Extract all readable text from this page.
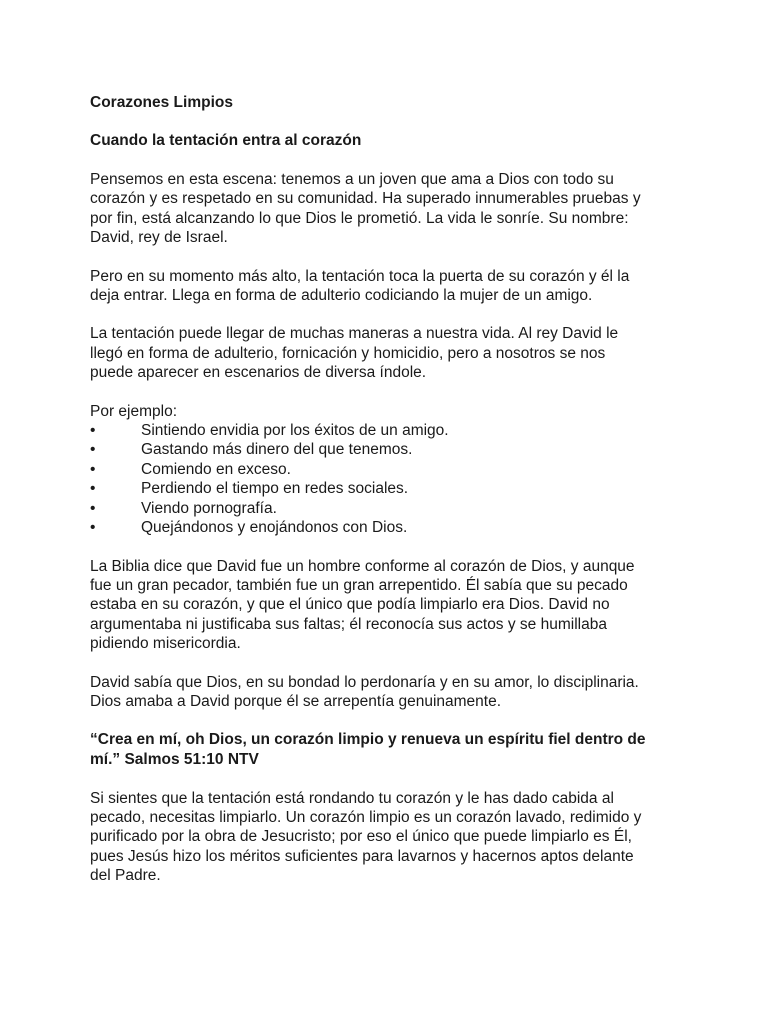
Corazones Limpios
Cuando la tentación entra al corazón

Pensemos en esta escena: tenemos a un joven que ama a Dios con todo su
corazón y es respetado en su comunidad. Ha superado innumerables pruebas y
por fin, está alcanzando lo que Dios le prometió. La vida le sonríe. Su nombre:
David, rey de Israel.

Pero en su momento más alto, la tentación toca la puerta de su corazón y él la
deja entrar. Llega en forma de adulterio codiciando la mujer de un amigo.

La tentación puede llegar de muchas maneras a nuestra vida. Al rey David le
llegó en forma de adulterio, fornicación y homicidio, pero a nosotros se nos
puede aparecer en escenarios de diversa índole.

Por ejemplo:
•	Sintiendo envidia por los éxitos de un amigo.
•	Gastando más dinero del que tenemos.
•	Comiendo en exceso.
•	Perdiendo el tiempo en redes sociales.
•	Viendo pornografía.
•	Quejándonos y enojándonos con Dios.

La Biblia dice que David fue un hombre conforme al corazón de Dios, y aunque
fue un gran pecador, también fue un gran arrepentido. Él sabía que su pecado
estaba en su corazón, y que el único que podía limpiarlo era Dios. David no
argumentaba ni justificaba sus faltas; él reconocía sus actos y se humillaba
pidiendo misericordia.

David sabía que Dios, en su bondad lo perdonaría y en su amor, lo disciplinaria.
Dios amaba a David porque él se arrepentía genuinamente.

“Crea en mí, oh Dios, un corazón limpio y renueva un espíritu fiel dentro de
mí.” Salmos 51:10 NTV

Si sientes que la tentación está rondando tu corazón y le has dado cabida al
pecado, necesitas limpiarlo. Un corazón limpio es un corazón lavado, redimido y
purificado por la obra de Jesucristo; por eso el único que puede limpiarlo es Él,
pues Jesús hizo los méritos suficientes para lavarnos y hacernos aptos delante
del Padre.
